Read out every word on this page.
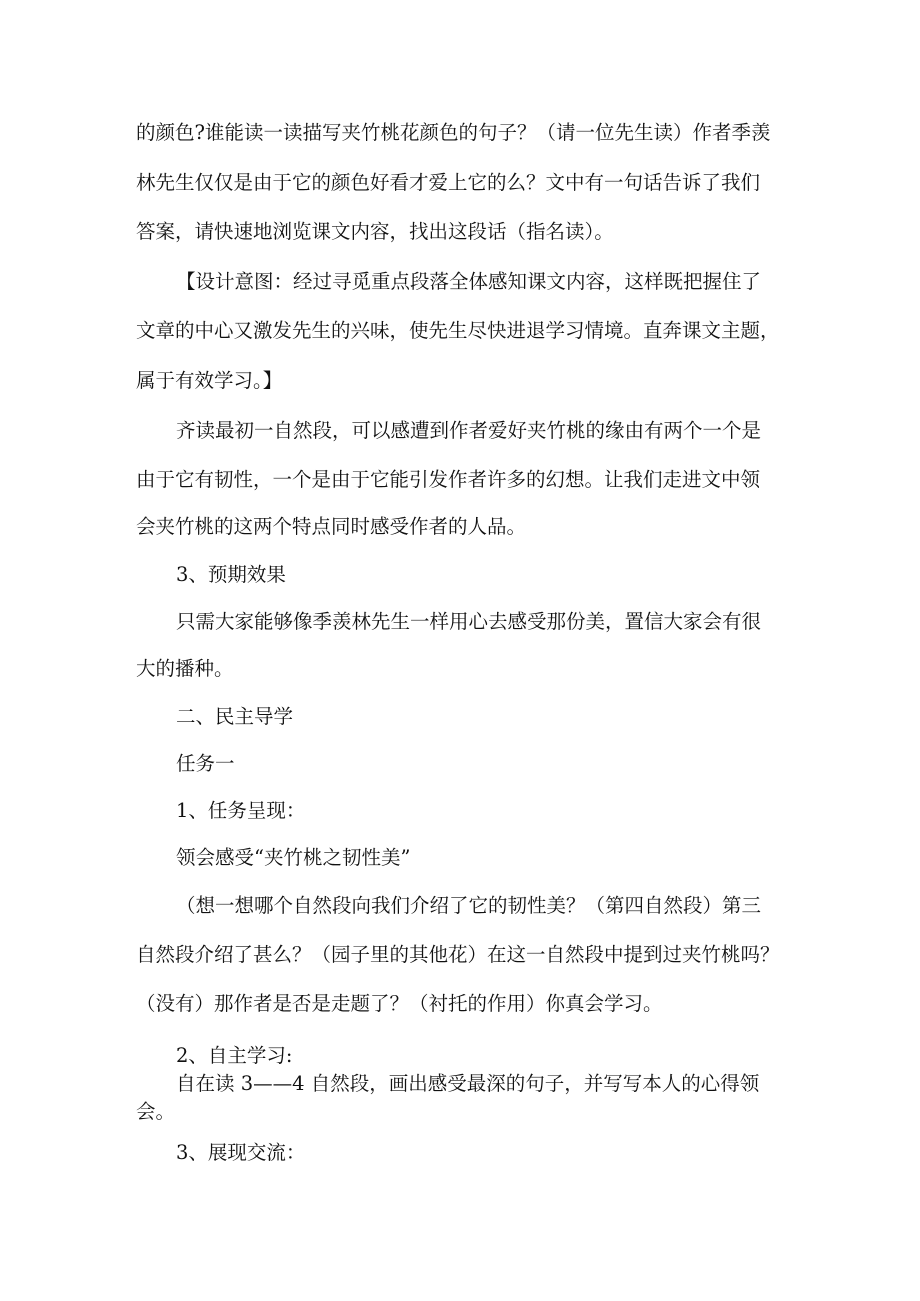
的颜色?谁能读一读描写夹竹桃花颜色的句子？（请一位先生读）作者季羡

林先生仅仅是由于它的颜色好看才爱上它的么？文中有一句话告诉了我们

答案，请快速地浏览课文内容，找出这段话（指名读）。

【设计意图：经过寻觅重点段落全体感知课文内容，这样既把握住了

文章的中心又激发先生的兴味，使先生尽快进退学习情境。直奔课文主题，

属于有效学习。】

齐读最初一自然段，可以感遭到作者爱好夹竹桃的缘由有两个一个是

由于它有韧性，一个是由于它能引发作者许多的幻想。让我们走进文中领

会夹竹桃的这两个特点同时感受作者的人品。

3、预期效果

只需大家能够像季羡林先生一样用心去感受那份美，置信大家会有很

大的播种。

二、民主导学

任务一

1、任务呈现：

领会感受“夹竹桃之韧性美”

（想一想哪个自然段向我们介绍了它的韧性美？（第四自然段）第三

自然段介绍了甚么？（园子里的其他花）在这一自然段中提到过夹竹桃吗？

（没有）那作者是否是走题了？（衬托的作用）你真会学习。

2、自主学习:

自在读 3——4 自然段，画出感受最深的句子，并写写本人的心得领

会。

3、展现交流：
